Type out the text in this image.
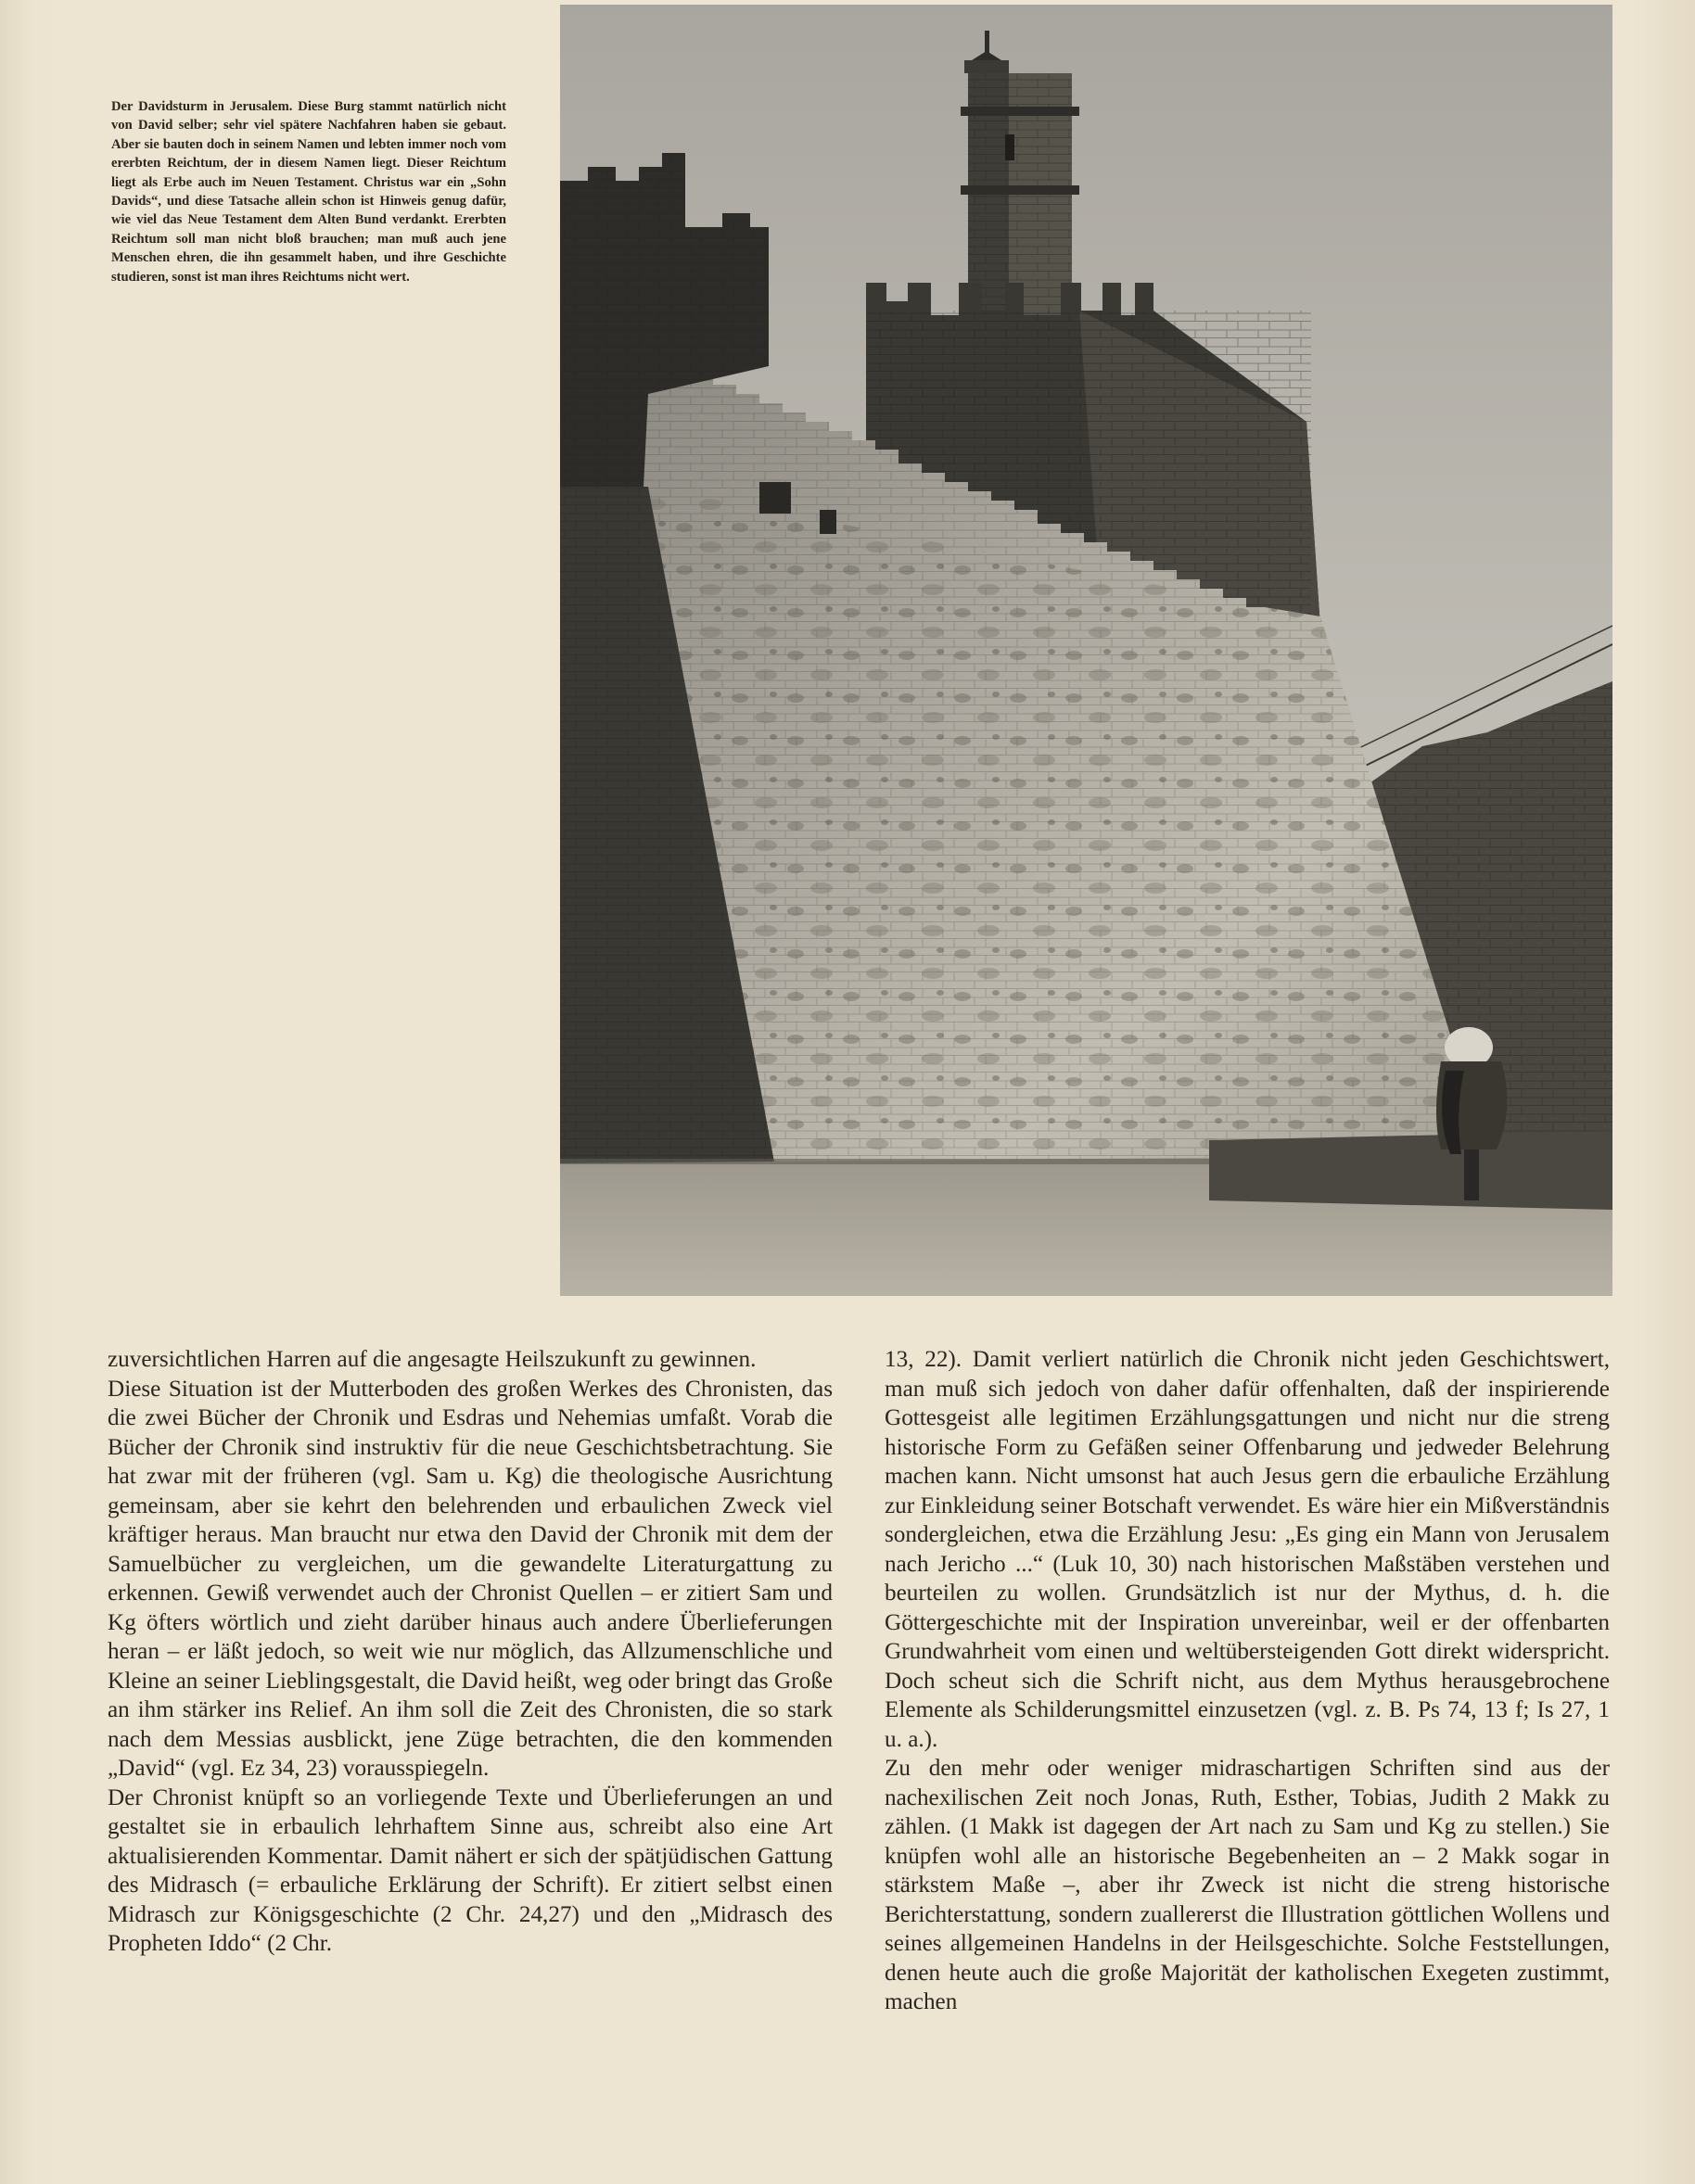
Der Davidsturm in Jerusalem. Diese Burg stammt natürlich nicht von David selber; sehr viel spätere Nachfahren haben sie gebaut. Aber sie bauten doch in seinem Namen und lebten immer noch vom ererbten Reichtum, der in diesem Namen liegt. Dieser Reichtum liegt als Erbe auch im Neuen Testament. Christus war ein „Sohn Davids“, und diese Tatsache allein schon ist Hinweis genug dafür, wie viel das Neue Testament dem Alten Bund verdankt. Ererbten Reichtum soll man nicht bloß brauchen; man muß auch jene Menschen ehren, die ihn gesammelt haben, und ihre Geschichte studieren, sonst ist man ihres Reichtums nicht wert.

zuversichtlichen Harren auf die angesagte Heilszukunft zu gewinnen.

Diese Situation ist der Mutterboden des großen Werkes des Chronisten, das die zwei Bücher der Chronik und Esdras und Nehemias umfaßt. Vorab die Bücher der Chronik sind instruktiv für die neue Geschichtsbetrachtung. Sie hat zwar mit der früheren (vgl. Sam u. Kg) die theologische Ausrichtung gemeinsam, aber sie kehrt den belehrenden und erbaulichen Zweck viel kräftiger heraus. Man braucht nur etwa den David der Chronik mit dem der Samuelbücher zu vergleichen, um die gewandelte Literaturgattung zu erkennen. Gewiß verwendet auch der Chronist Quellen – er zitiert Sam und Kg öfters wörtlich und zieht darüber hinaus auch andere Überlieferungen heran – er läßt jedoch, so weit wie nur möglich, das Allzumenschliche und Kleine an seiner Lieblingsgestalt, die David heißt, weg oder bringt das Große an ihm stärker ins Relief. An ihm soll die Zeit des Chronisten, die so stark nach dem Messias ausblickt, jene Züge betrachten, die den kommenden „David“ (vgl. Ez 34, 23) vorausspiegeln.

Der Chronist knüpft so an vorliegende Texte und Überlieferungen an und gestaltet sie in erbaulich lehrhaftem Sinne aus, schreibt also eine Art aktualisierenden Kommentar. Damit nähert er sich der spätjüdischen Gattung des Midrasch (= erbauliche Erklärung der Schrift). Er zitiert selbst einen Midrasch zur Königsgeschichte (2 Chr. 24,27) und den „Midrasch des Propheten Iddo“ (2 Chr.

13, 22). Damit verliert natürlich die Chronik nicht jeden Geschichtswert, man muß sich jedoch von daher dafür offenhalten, daß der inspirierende Gottesgeist alle legitimen Erzählungsgattungen und nicht nur die streng historische Form zu Gefäßen seiner Offenbarung und jedweder Belehrung machen kann. Nicht umsonst hat auch Jesus gern die erbauliche Erzählung zur Einkleidung seiner Botschaft verwendet. Es wäre hier ein Mißverständnis sondergleichen, etwa die Erzählung Jesu: „Es ging ein Mann von Jerusalem nach Jericho ...“ (Luk 10, 30) nach historischen Maßstäben verstehen und beurteilen zu wollen. Grundsätzlich ist nur der Mythus, d. h. die Göttergeschichte mit der Inspiration unvereinbar, weil er der offenbarten Grundwahrheit vom einen und weltübersteigenden Gott direkt widerspricht. Doch scheut sich die Schrift nicht, aus dem Mythus herausgebrochene Elemente als Schilderungsmittel einzusetzen (vgl. z. B. Ps 74, 13 f; Is 27, 1 u. a.).

Zu den mehr oder weniger midraschartigen Schriften sind aus der nachexilischen Zeit noch Jonas, Ruth, Esther, Tobias, Judith 2 Makk zu zählen. (1 Makk ist dagegen der Art nach zu Sam und Kg zu stellen.) Sie knüpfen wohl alle an historische Begebenheiten an – 2 Makk sogar in stärkstem Maße –, aber ihr Zweck ist nicht die streng historische Berichterstattung, sondern zuallererst die Illustration göttlichen Wollens und seines allgemeinen Handelns in der Heilsgeschichte. Solche Feststellungen, denen heute auch die große Majorität der katholischen Exegeten zustimmt, machen
